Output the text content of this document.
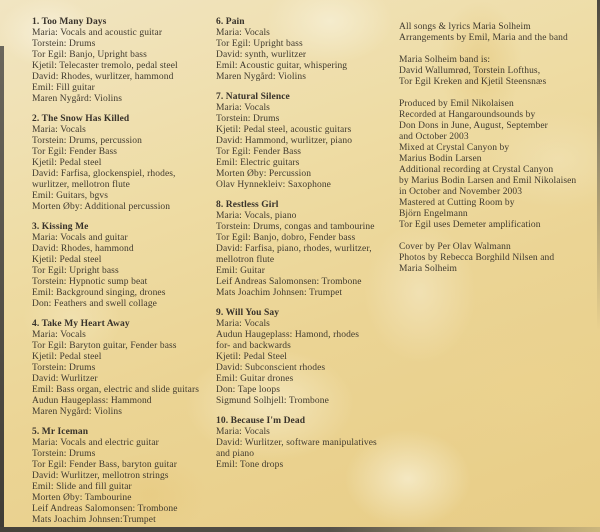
1. Too Many Days
Maria: Vocals and acoustic guitar
Torstein: Drums
Tor Egil: Banjo, Upright bass
Kjetil: Telecaster tremolo, pedal steel
David: Rhodes, wurlitzer, hammond
Emil: Fill guitar
Maren Nygård: Violins
2. The Snow Has Killed
Maria: Vocals
Torstein: Drums, percussion
Tor Egil: Fender Bass
Kjetil: Pedal steel
David: Farfisa, glockenspiel, rhodes,
wurlitzer, mellotron flute
Emil: Guitars, bgvs
Morten Øby: Additional percussion
3. Kissing Me
Maria: Vocals and guitar
David: Rhodes, hammond
Kjetil: Pedal steel
Tor Egil: Upright bass
Torstein: Hypnotic sump beat
Emil: Background singing, drones
Don: Feathers and swell collage
4. Take My Heart Away
Maria: Vocals
Tor Egil: Baryton guitar, Fender bass
Kjetil: Pedal steel
Torstein: Drums
David: Wurlitzer
Emil: Bass organ, electric and slide guitars
Audun Haugeplass: Hammond
Maren Nygård: Violins
5. Mr Iceman
Maria: Vocals and electric guitar
Torstein: Drums
Tor Egil: Fender Bass, baryton guitar
David: Wurlitzer, mellotron strings
Emil: Slide and fill guitar
Morten Øby: Tambourine
Leif Andreas Salomonsen: Trombone
Mats Joachim Johnsen:Trumpet
6. Pain
Maria: Vocals
Tor Egil: Upright bass
David: synth, wurlitzer
Emil: Acoustic guitar, whispering
Maren Nygård: Violins
7. Natural Silence
Maria: Vocals
Torstein: Drums
Kjetil: Pedal steel, acoustic guitars
David: Hammond, wurlitzer, piano
Tor Egil: Fender Bass
Emil: Electric guitars
Morten Øby: Percussion
Olav Hynnekleiv: Saxophone
8. Restless Girl
Maria: Vocals, piano
Torstein: Drums, congas and tambourine
Tor Egil: Banjo, dobro, Fender bass
David: Farfisa, piano, rhodes, wurlitzer,
mellotron flute
Emil: Guitar
Leif Andreas Salomonsen: Trombone
Mats Joachim Johnsen: Trumpet
9. Will You Say
Maria: Vocals
Audun Haugeplass: Hamond, rhodes
for- and backwards
Kjetil: Pedal Steel
David: Subconscient rhodes
Emil: Guitar drones
Don: Tape loops
Sigmund Solhjell: Trombone
10. Because I'm Dead
Maria: Vocals
David: Wurlitzer, software manipulatives
and piano
Emil: Tone drops
All songs & lyrics Maria Solheim
Arrangements by Emil, Maria and the band
Maria Solheim band is:
David Wallumrød, Torstein Lofthus,
Tor Egil Kreken and Kjetil Steensnæs
Produced by Emil Nikolaisen
Recorded at Hangaroundsounds by
Don Dons in June, August, September
and October 2003
Mixed at Crystal Canyon by
Marius Bodin Larsen
Additional recording at Crystal Canyon
by Marius Bodin Larsen and Emil Nikolaisen
in October and November 2003
Mastered at Cutting Room by
Björn Engelmann
Tor Egil uses Demeter amplification
Cover by Per Olav Walmann
Photos by Rebecca Borghild Nilsen and
Maria Solheim
